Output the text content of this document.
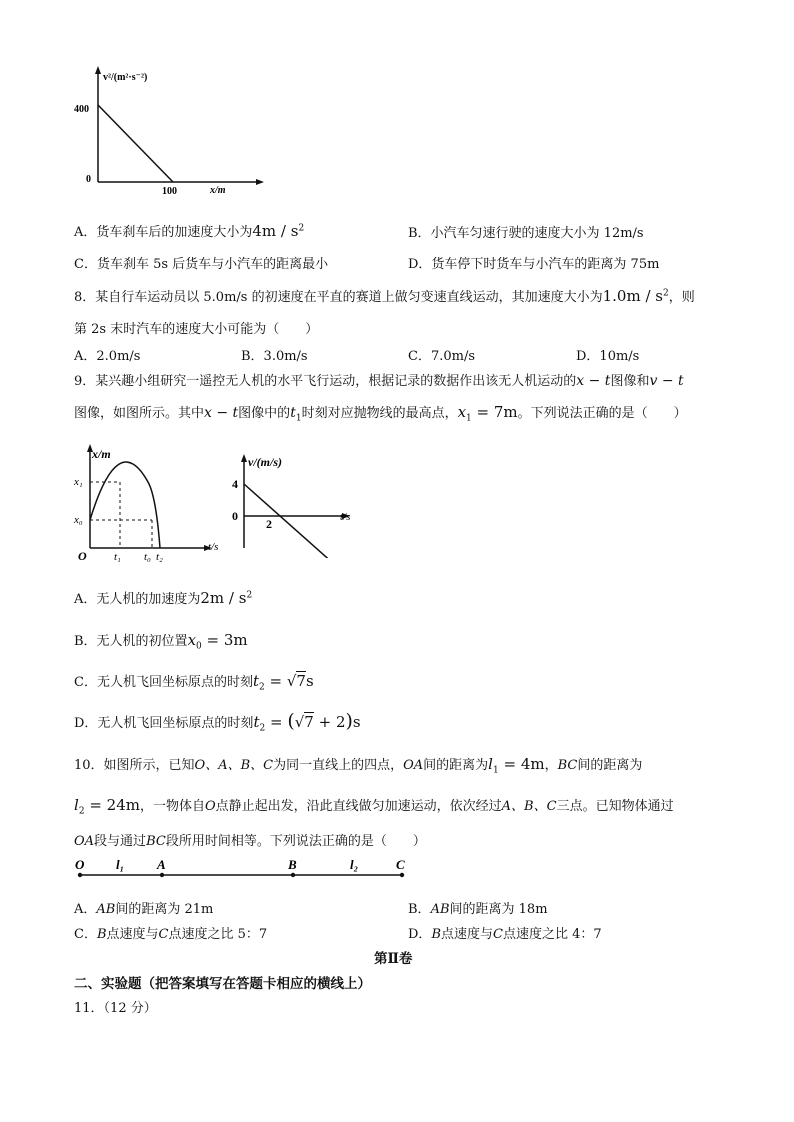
v²/(m²·s⁻²)
400
0
100	x/m
A．货车刹车后的加速度大小为$4m / s^2$	B．小汽车匀速行驶的速度大小为 12m/s
C．货车刹车 5s 后货车与小汽车的距离最小	D．货车停下时货车与小汽车的距离为 75m
8．某自行车运动员以 5.0m/s 的初速度在平直的赛道上做匀变速直线运动，其加速度大小为$1.0m / s^2$，则
第 2s 末时汽车的速度大小可能为（　　）
A．2.0m/s	B．3.0m/s	C．7.0m/s	D．10m/s
9．某兴趣小组研究一遥控无人机的水平飞行运动，根据记录的数据作出该无人机运动的x − t图像和v − t
图像，如图所示。其中x − t图像中的$t_1$时刻对应抛物线的最高点，$x_1 = 7m$。下列说法正确的是（　　）
x/m
x₁
x₀
O t₁ t₀ t₂
t/s
v/(m/s)
4
0
2	t/s
A．无人机的加速度为$2m / s^2$
B．无人机的初位置$x_0 = 3m$
C．无人机飞回坐标原点的时刻$t_2 = √7s$
D．无人机飞回坐标原点的时刻$t_2 = (√7 + 2)s$
10．如图所示，已知O、A、B、C为同一直线上的四点，OA间的距离为$l_1 = 4m$，BC间的距离为
$l_2 = 24m$，一物体自O点静止起出发，沿此直线做匀加速运动，依次经过A、B、C三点。已知物体通过
OA段与通过BC段所用时间相等。下列说法正确的是（　　）
O l₁	A	B	l₂	C
A．AB间的距离为 21m	B．AB间的距离为 18m
C．B点速度与C点速度之比 5：7	D．B点速度与C点速度之比 4：7
第Ⅱ卷
二、实验题（把答案填写在答题卡相应的横线上）
11．（12 分）
